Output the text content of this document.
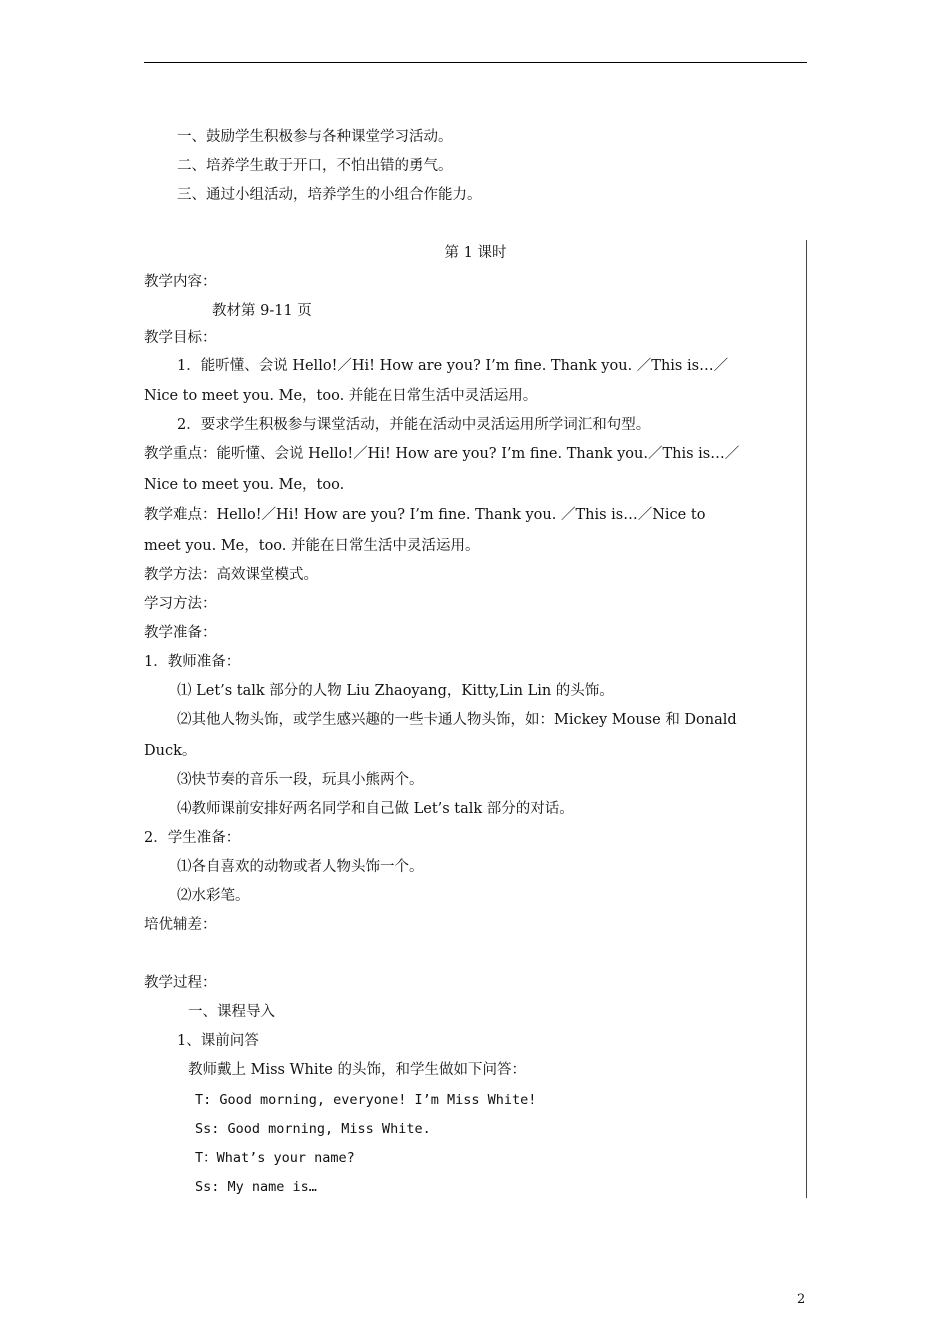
一、鼓励学生积极参与各种课堂学习活动。
二、培养学生敢于开口，不怕出错的勇气。
三、通过小组活动，培养学生的小组合作能力。
第 1 课时
教学内容：
教材第 9-11 页
教学目标：
1．能听懂、会说 Hello!／Hi! How are you? I’m fine. Thank you. ／This is…／
Nice to meet you. Me，too. 并能在日常生活中灵活运用。
2．要求学生积极参与课堂活动，并能在活动中灵活运用所学词汇和句型。
教学重点：能听懂、会说 Hello!／Hi! How are you? I’m fine. Thank you.／This is…／
Nice to meet you. Me，too.
教学难点：Hello!／Hi! How are you? I’m fine. Thank you. ／This is…／Nice to
meet you. Me，too. 并能在日常生活中灵活运用。
教学方法：高效课堂模式。
学习方法：
教学准备：
1．教师准备：
⑴ Let’s talk 部分的人物 Liu Zhaoyang，Kitty,Lin Lin 的头饰。
⑵其他人物头饰，或学生感兴趣的一些卡通人物头饰，如：Mickey Mouse 和 Donald
Duck。
⑶快节奏的音乐一段，玩具小熊两个。
⑷教师课前安排好两名同学和自己做 Let’s talk 部分的对话。
2．学生准备：
⑴各自喜欢的动物或者人物头饰一个。
⑵水彩笔。
培优辅差：
教学过程：
一、课程导入
1、课前问答
教师戴上 Miss White 的头饰，和学生做如下问答：
T: Good morning, everyone! I’m Miss White!
Ss: Good morning, Miss White.
T：What’s your name?
Ss: My name is…
2
